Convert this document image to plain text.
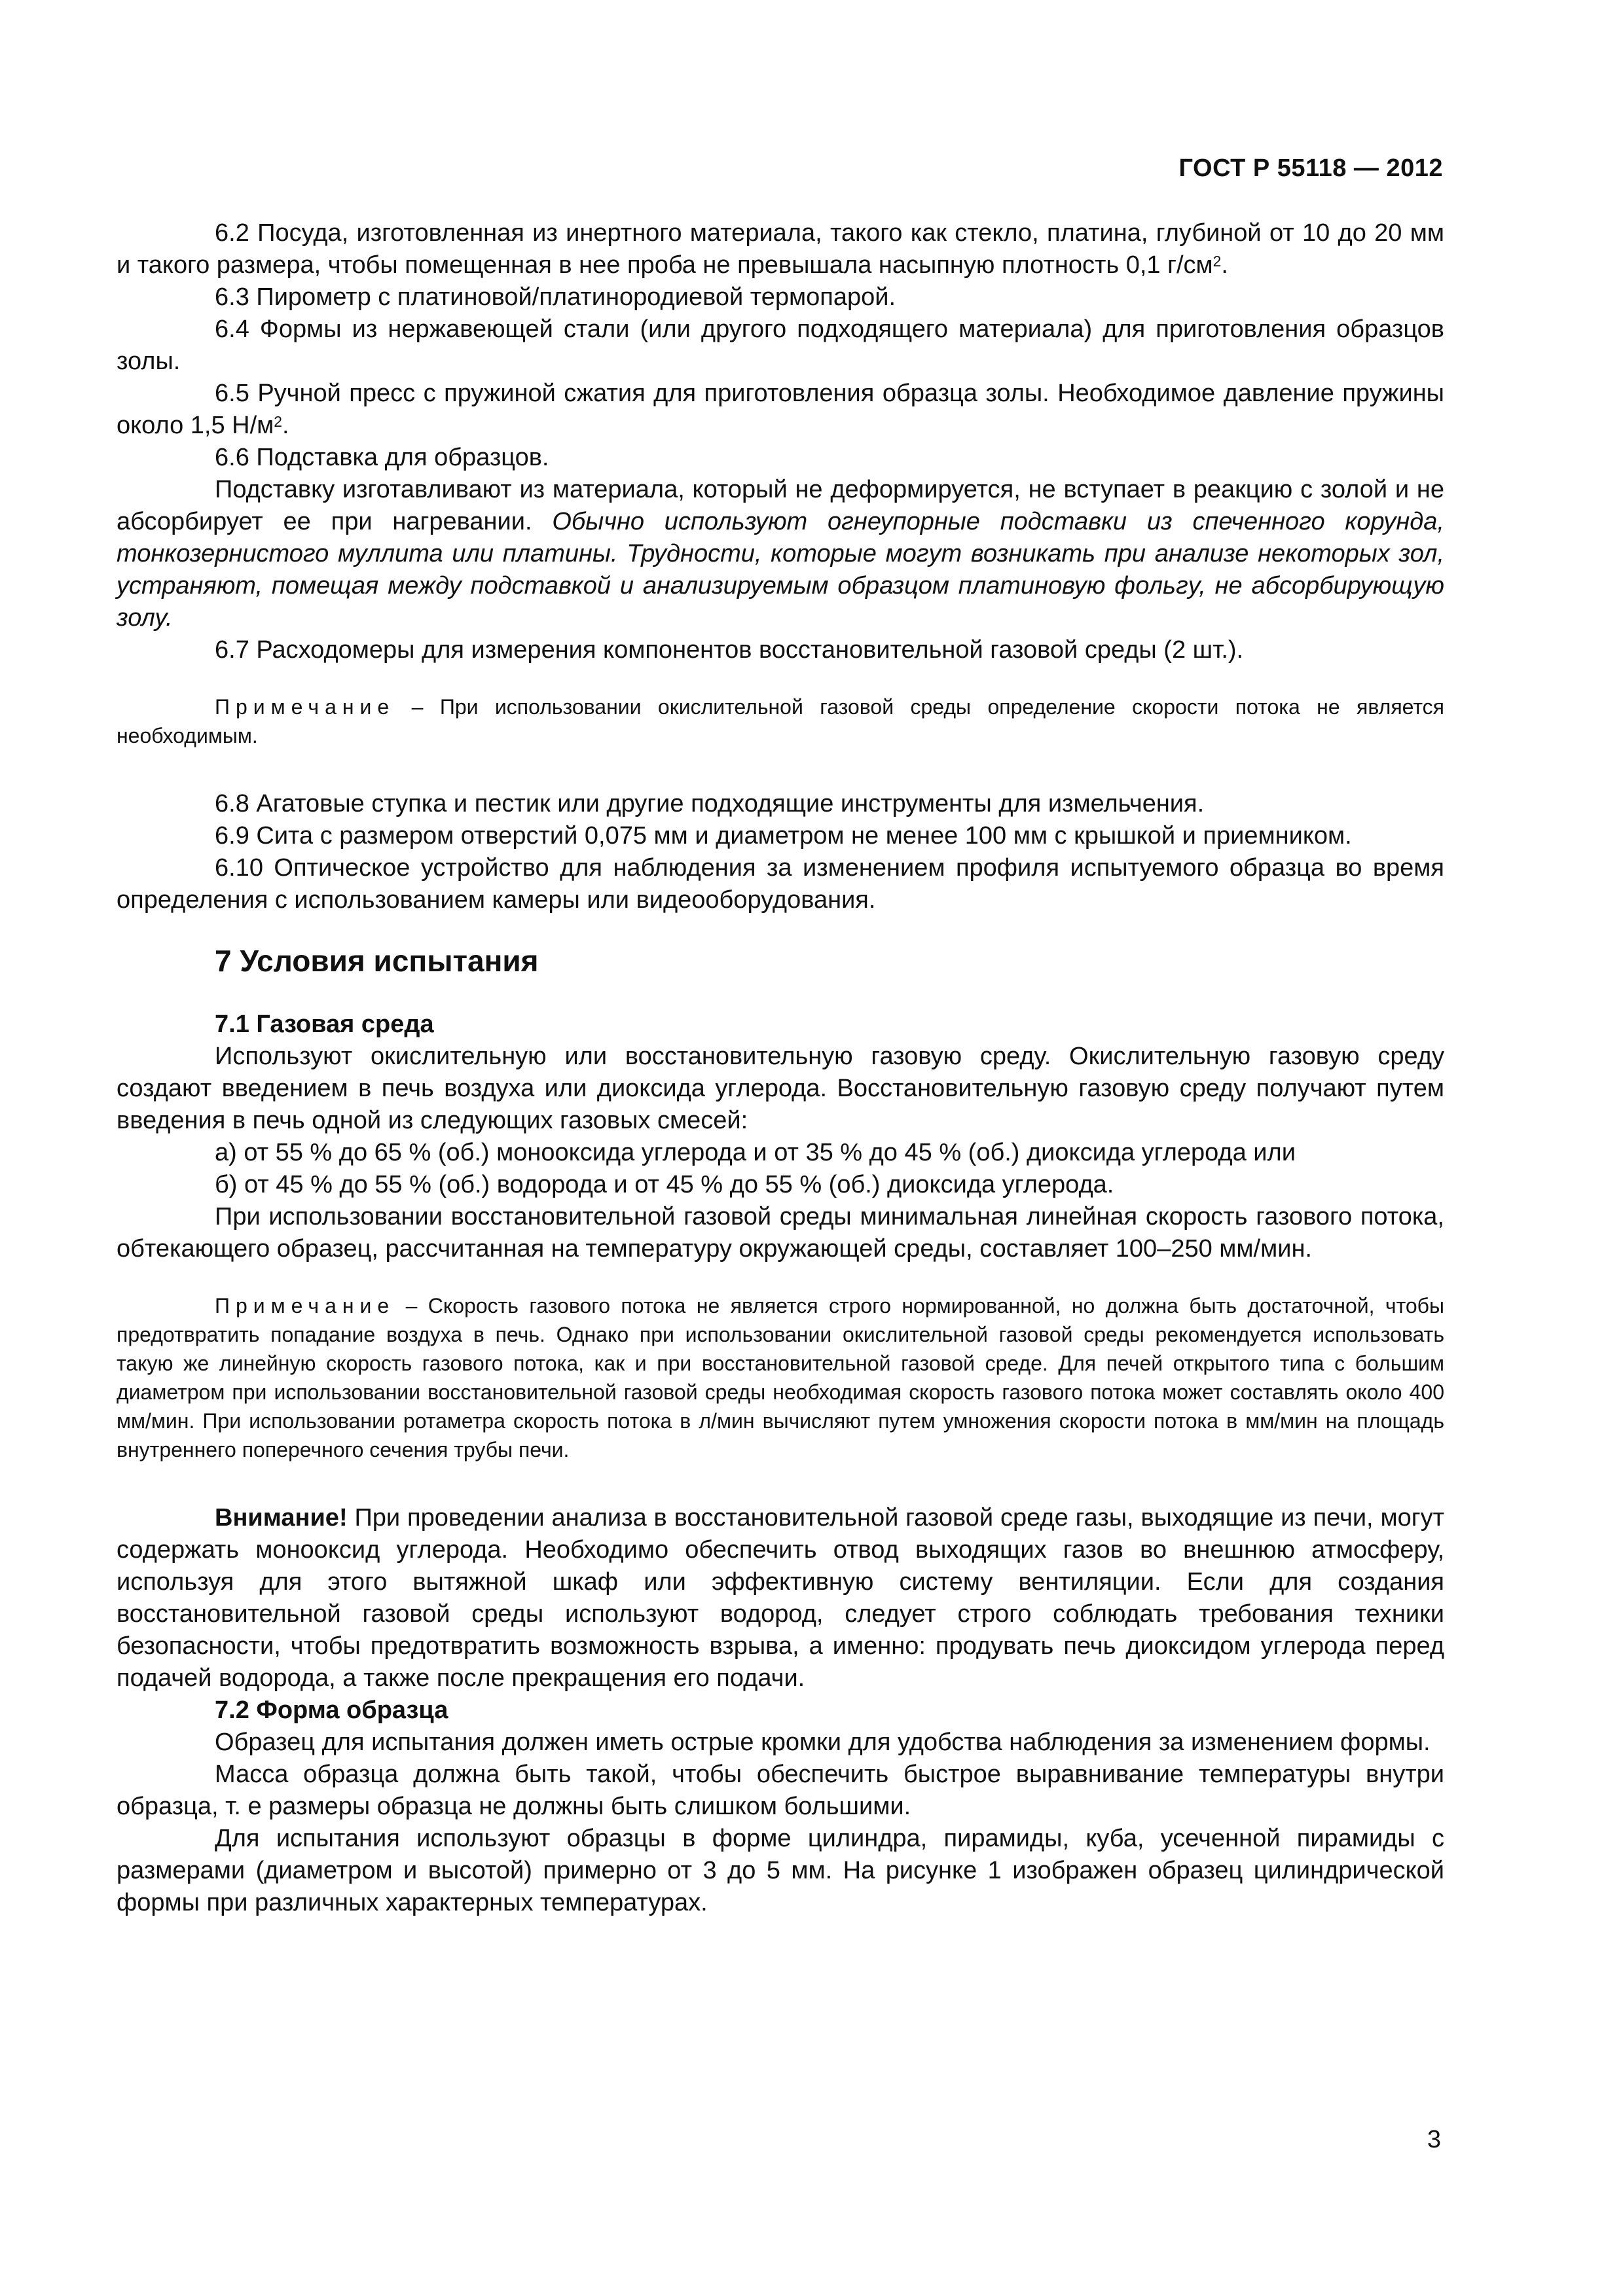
ГОСТ Р 55118 — 2012

6.2 Посуда, изготовленная из инертного материала, такого как стекло, платина, глубиной от 10 до 20 мм и такого размера, чтобы помещенная в нее проба не превышала насыпную плотность 0,1 $г/см^2$.

6.3 Пирометр с платиновой/платинородиевой термопарой.

6.4 Формы из нержавеющей стали (или другого подходящего материала) для приготовления образцов золы.

6.5 Ручной пресс с пружиной сжатия для приготовления образца золы. Необходимое давление пружины около 1,5 $Н/м^2$.

6.6 Подставка для образцов.

Подставку изготавливают из материала, который не деформируется, не вступает в реакцию с золой и не абсорбирует ее при нагревании. Обычно используют огнеупорные подставки из спеченного корунда, тонкозернистого муллита или платины. Трудности, которые могут возникать при анализе некоторых зол, устраняют, помещая между подставкой и анализируемым образцом платиновую фольгу, не абсорбирующую золу.

6.7 Расходомеры для измерения компонентов восстановительной газовой среды (2 шт.).

Примечание – При использовании окислительной газовой среды определение скорости потока не является необходимым.

6.8 Агатовые ступка и пестик или другие подходящие инструменты для измельчения.

6.9 Сита с размером отверстий 0,075 мм и диаметром не менее 100 мм с крышкой и приемником.

6.10 Оптическое устройство для наблюдения за изменением профиля испытуемого образца во время определения с использованием камеры или видеооборудования.

7 Условия испытания

7.1 Газовая среда

Используют окислительную или восстановительную газовую среду. Окислительную газовую среду создают введением в печь воздуха или диоксида углерода. Восстановительную газовую среду получают путем введения в печь одной из следующих газовых смесей:

а) от 55 % до 65 % (об.) монооксида углерода и от 35 % до 45 % (об.) диоксида углерода или

б) от 45 % до 55 % (об.) водорода и от 45 % до 55 % (об.) диоксида углерода.

При использовании восстановительной газовой среды минимальная линейная скорость газового потока, обтекающего образец, рассчитанная на температуру окружающей среды, составляет 100–250 мм/мин.

Примечание – Скорость газового потока не является строго нормированной, но должна быть достаточной, чтобы предотвратить попадание воздуха в печь. Однако при использовании окислительной газовой среды рекомендуется использовать такую же линейную скорость газового потока, как и при восстановительной газовой среде. Для печей открытого типа с большим диаметром при использовании восстановительной газовой среды необходимая скорость газового потока может составлять около 400 мм/мин. При использовании ротаметра скорость потока в л/мин вычисляют путем умножения скорости потока в мм/мин на площадь внутреннего поперечного сечения трубы печи.

Внимание! При проведении анализа в восстановительной газовой среде газы, выходящие из печи, могут содержать монооксид углерода. Необходимо обеспечить отвод выходящих газов во внешнюю атмосферу, используя для этого вытяжной шкаф или эффективную систему вентиляции. Если для создания восстановительной газовой среды используют водород, следует строго соблюдать требования техники безопасности, чтобы предотвратить возможность взрыва, а именно: продувать печь диоксидом углерода перед подачей водорода, а также после прекращения его подачи.

7.2 Форма образца

Образец для испытания должен иметь острые кромки для удобства наблюдения за изменением формы.

Масса образца должна быть такой, чтобы обеспечить быстрое выравнивание температуры внутри образца, т. е размеры образца не должны быть слишком большими.

Для испытания используют образцы в форме цилиндра, пирамиды, куба, усеченной пирамиды с размерами (диаметром и высотой) примерно от 3 до 5 мм. На рисунке 1 изображен образец цилиндрической формы при различных характерных температурах.

3
